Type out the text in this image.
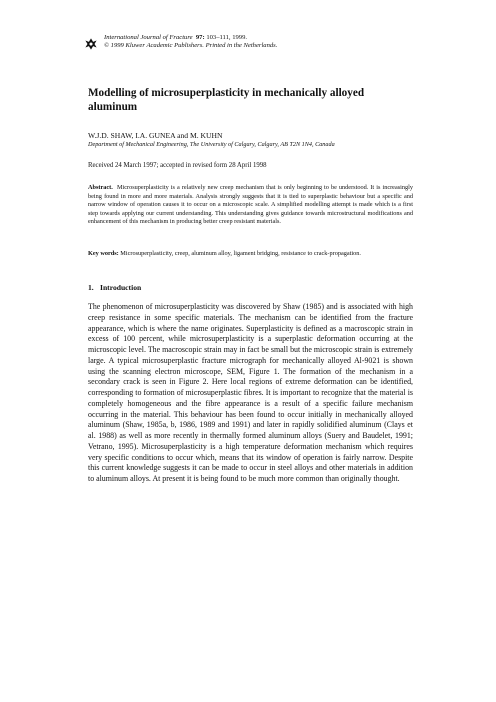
International Journal of Fracture 97: 103–111, 1999.
© 1999 Kluwer Academic Publishers. Printed in the Netherlands.
Modelling of microsuperplasticity in mechanically alloyed aluminum
W.J.D. SHAW, I.A. GUNEA and M. KUHN
Department of Mechanical Engineering, The University of Calgary, Calgary, AB T2N 1N4, Canada
Received 24 March 1997; accepted in revised form 28 April 1998

Abstract. Microsuperplasticity is a relatively new creep mechanism that is only beginning to be understood. It is increasingly being found in more and more materials. Analysis strongly suggests that it is tied to superplastic behaviour but a specific and narrow window of operation causes it to occur on a microscopic scale. A simplified modelling attempt is made which is a first step towards applying our current understanding. This understanding gives guidance towards microstructural modifications and enhancement of this mechanism in producing better creep resistant materials.

Key words: Microsuperplasticity, creep, aluminum alloy, ligament bridging, resistance to crack-propagation.

1. Introduction

The phenomenon of microsuperplasticity was discovered by Shaw (1985) and is associated with high creep resistance in some specific materials. The mechanism can be identified from the fracture appearance, which is where the name originates. Superplasticity is defined as a macroscopic strain in excess of 100 percent, while microsuperplasticity is a superplastic deformation occurring at the microscopic level. The macroscopic strain may in fact be small but the microscopic strain is extremely large. A typical microsuperplastic fracture micrograph for mechanically alloyed Al-9021 is shown using the scanning electron microscope, SEM, Figure 1. The formation of the mechanism in a secondary crack is seen in Figure 2. Here local regions of extreme deformation can be identified, corresponding to formation of microsuperplastic fibres. It is important to recognize that the material is completely homogeneous and the fibre appearance is a result of a specific failure mechanism occurring in the material. This behaviour has been found to occur initially in mechanically alloyed aluminum (Shaw, 1985a, b, 1986, 1989 and 1991) and later in rapidly solidified aluminum (Clays et al. 1988) as well as more recently in thermally formed aluminum alloys (Suery and Baudelet, 1991; Vetrano, 1995). Microsuperplasticity is a high temperature deformation mechanism which requires very specific conditions to occur which, means that its window of operation is fairly narrow. Despite this current knowledge suggests it can be made to occur in steel alloys and other materials in addition to aluminum alloys. At present it is being found to be much more common than originally thought.
